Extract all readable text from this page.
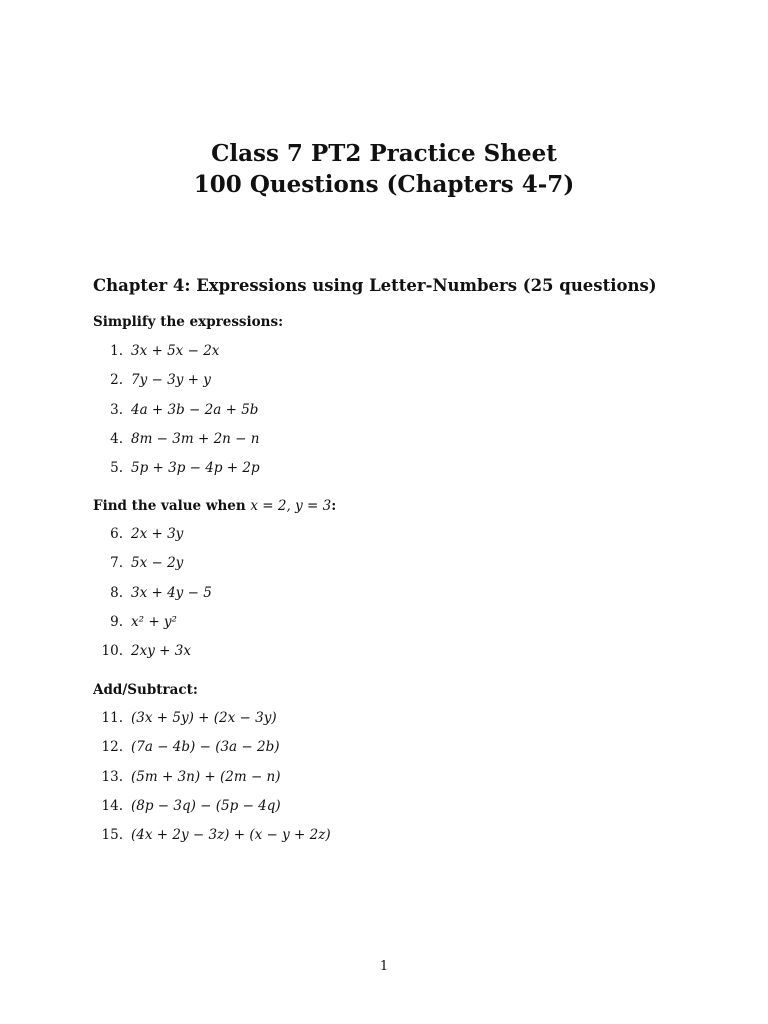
Class 7 PT2 Practice Sheet
100 Questions (Chapters 4-7)
Chapter 4: Expressions using Letter-Numbers (25 questions)
Simplify the expressions:
1. 3x + 5x − 2x
2. 7y − 3y + y
3. 4a + 3b − 2a + 5b
4. 8m − 3m + 2n − n
5. 5p + 3p − 4p + 2p
Find the value when x = 2, y = 3:
6. 2x + 3y
7. 5x − 2y
8. 3x + 4y − 5
9. x² + y²
10. 2xy + 3x
Add/Subtract:
11. (3x + 5y) + (2x − 3y)
12. (7a − 4b) − (3a − 2b)
13. (5m + 3n) + (2m − n)
14. (8p − 3q) − (5p − 4q)
15. (4x + 2y − 3z) + (x − y + 2z)
1
